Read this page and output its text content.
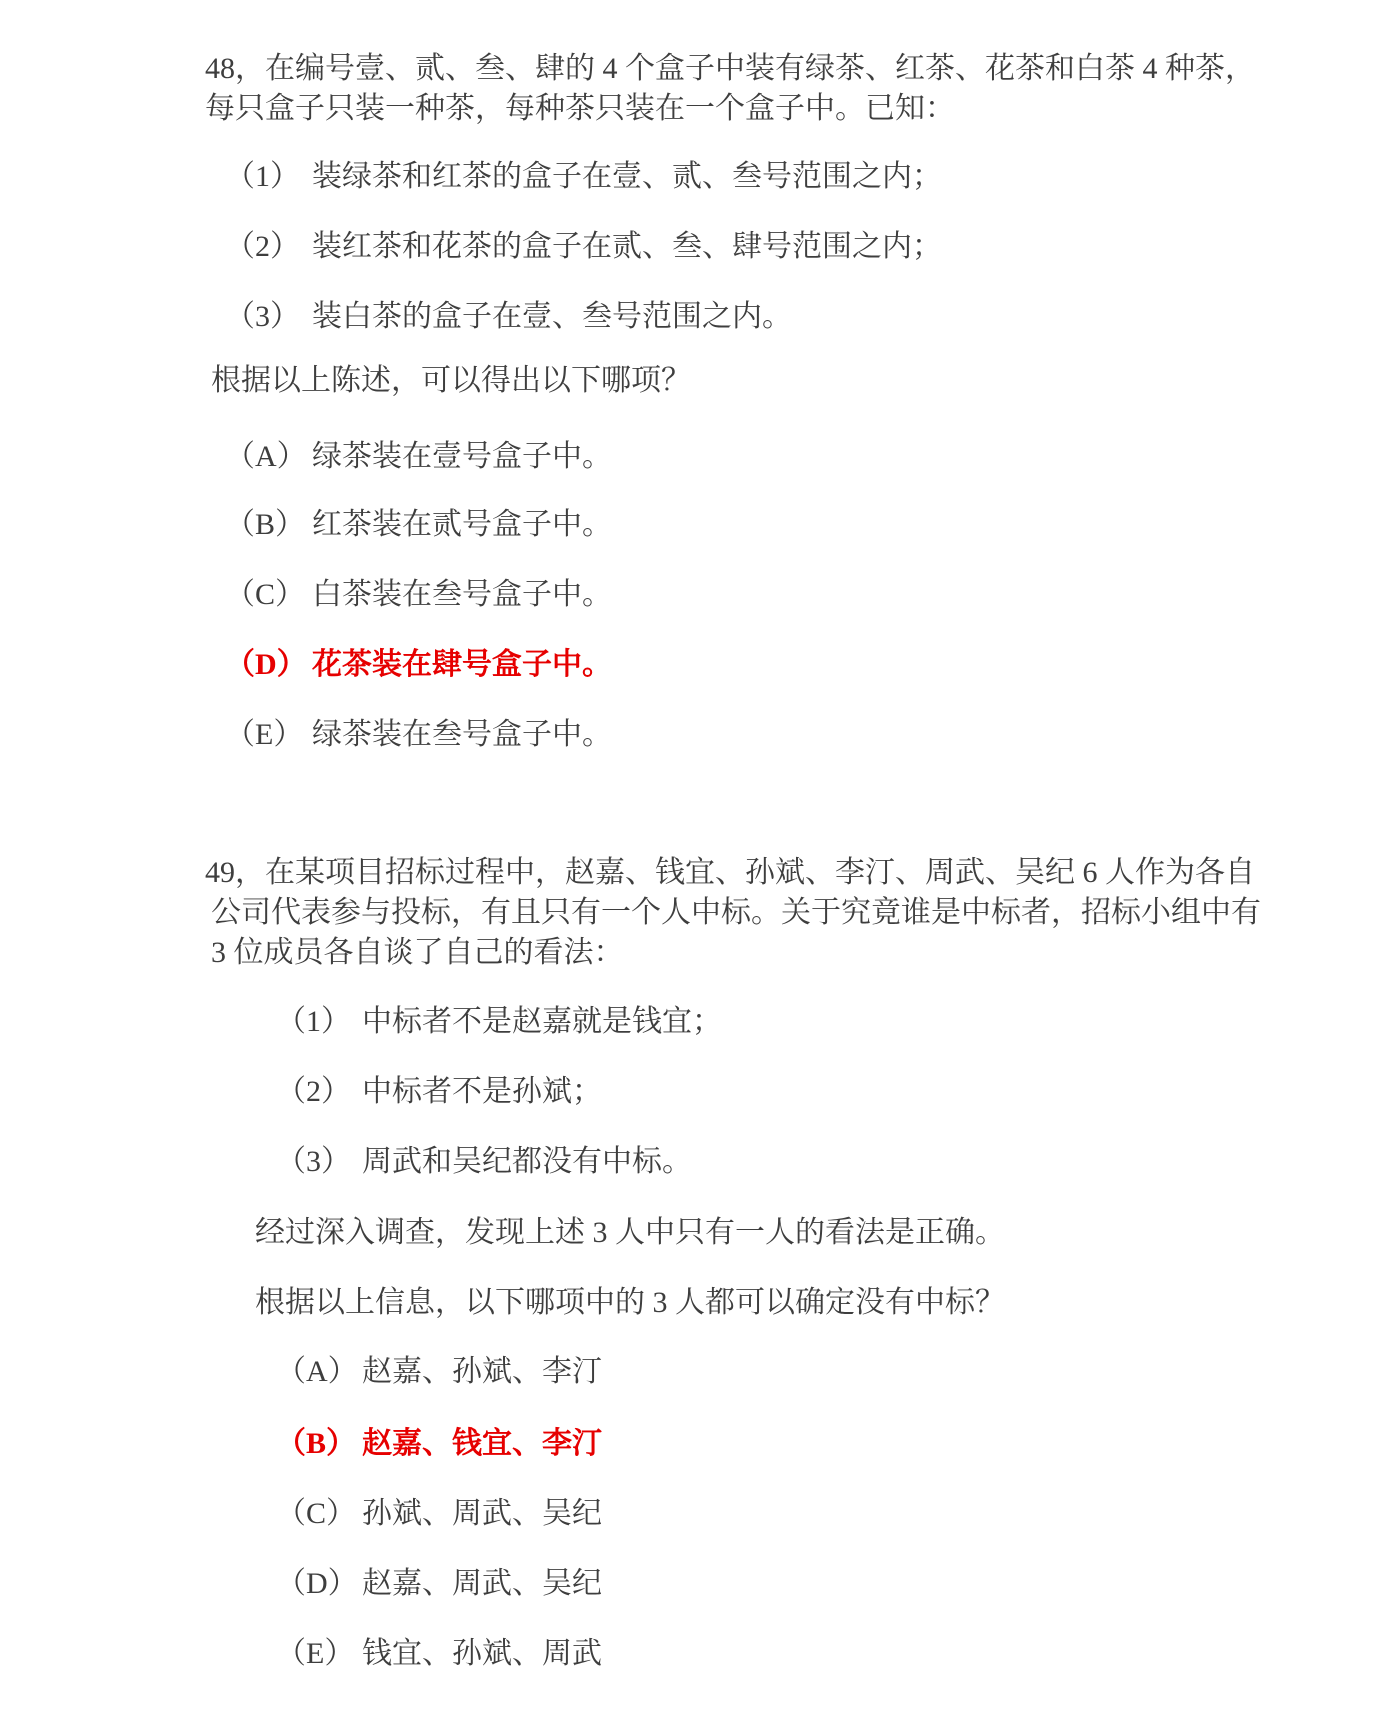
48，在编号壹、贰、叁、肆的 4 个盒子中装有绿茶、红茶、花茶和白茶 4 种茶，
每只盒子只装一种茶，每种茶只装在一个盒子中。已知：
（1） 装绿茶和红茶的盒子在壹、贰、叁号范围之内；
（2） 装红茶和花茶的盒子在贰、叁、肆号范围之内；
（3） 装白茶的盒子在壹、叁号范围之内。
根据以上陈述，可以得出以下哪项？
（A） 绿茶装在壹号盒子中。
（B） 红茶装在贰号盒子中。
（C） 白茶装在叁号盒子中。
（D） 花茶装在肆号盒子中。
（E） 绿茶装在叁号盒子中。
49，在某项目招标过程中，赵嘉、钱宜、孙斌、李汀、周武、吴纪 6 人作为各自
公司代表参与投标，有且只有一个人中标。关于究竟谁是中标者，招标小组中有
3 位成员各自谈了自己的看法：
（1） 中标者不是赵嘉就是钱宜；
（2） 中标者不是孙斌；
（3） 周武和吴纪都没有中标。
经过深入调查，发现上述 3 人中只有一人的看法是正确。
根据以上信息，以下哪项中的 3 人都可以确定没有中标？
（A） 赵嘉、孙斌、李汀
（B） 赵嘉、钱宜、李汀
（C） 孙斌、周武、吴纪
（D） 赵嘉、周武、吴纪
（E） 钱宜、孙斌、周武
